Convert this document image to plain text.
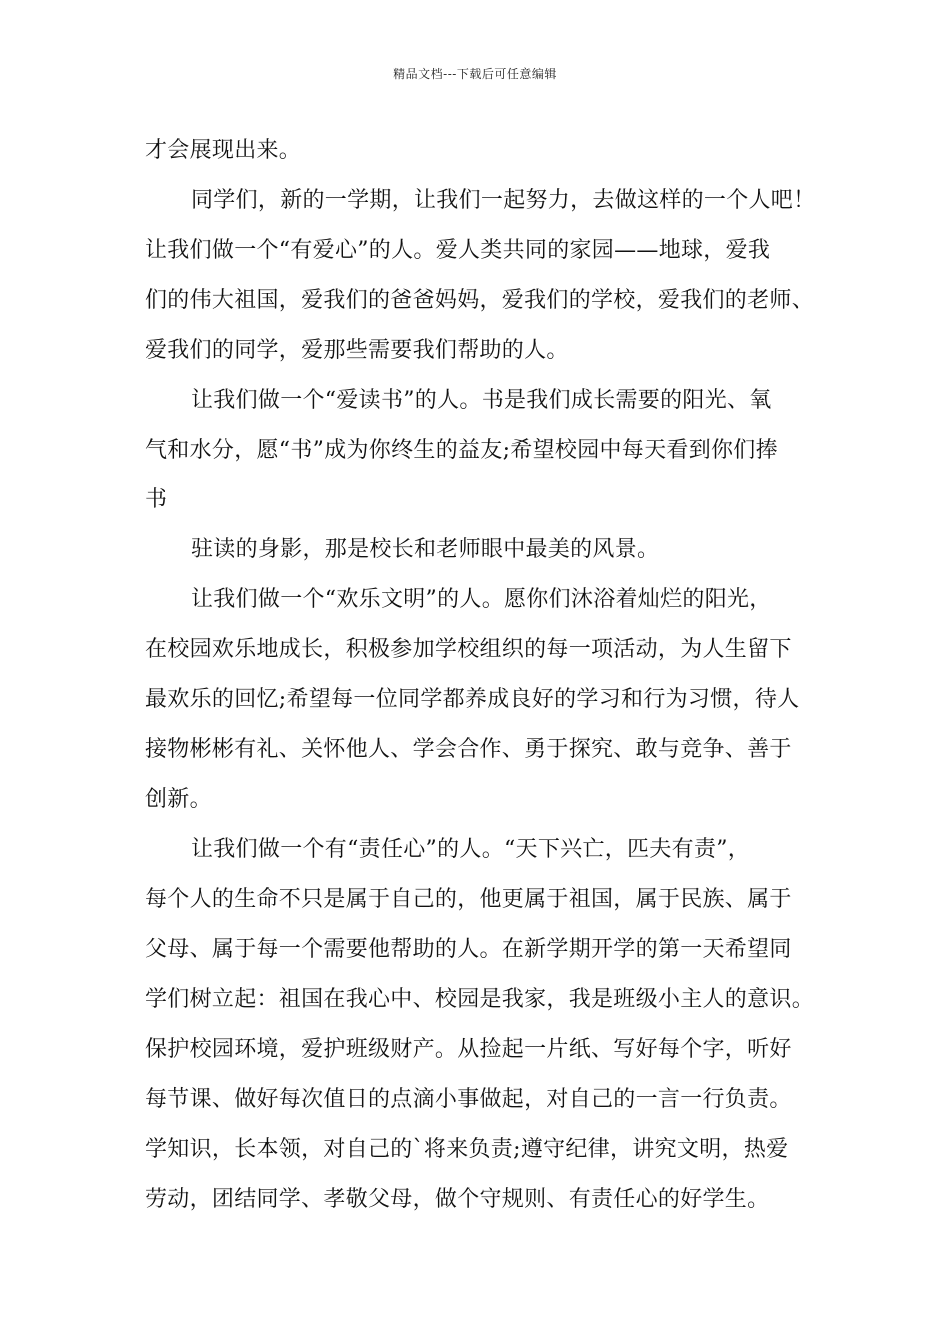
精品文档---下载后可任意编辑
才会展现出来。
同学们，新的一学期，让我们一起努力，去做这样的一个人吧！
让我们做一个“有爱心”的人。爱人类共同的家园——地球，爱我
们的伟大祖国，爱我们的爸爸妈妈，爱我们的学校，爱我们的老师、
爱我们的同学，爱那些需要我们帮助的人。
让我们做一个“爱读书”的人。书是我们成长需要的阳光、氧
气和水分，愿“书”成为你终生的益友;希望校园中每天看到你们捧
书
驻读的身影，那是校长和老师眼中最美的风景。
让我们做一个“欢乐文明”的人。愿你们沐浴着灿烂的阳光，
在校园欢乐地成长，积极参加学校组织的每一项活动，为人生留下
最欢乐的回忆;希望每一位同学都养成良好的学习和行为习惯，待人
接物彬彬有礼、关怀他人、学会合作、勇于探究、敢与竞争、善于
创新。
让我们做一个有“责任心”的人。“天下兴亡，匹夫有责”，
每个人的生命不只是属于自己的，他更属于祖国，属于民族、属于
父母、属于每一个需要他帮助的人。在新学期开学的第一天希望同
学们树立起：祖国在我心中、校园是我家，我是班级小主人的意识。
保护校园环境，爱护班级财产。从捡起一片纸、写好每个字，听好
每节课、做好每次值日的点滴小事做起，对自己的一言一行负责。
学知识，长本领，对自己的`将来负责;遵守纪律，讲究文明，热爱
劳动，团结同学、孝敬父母，做个守规则、有责任心的好学生。
